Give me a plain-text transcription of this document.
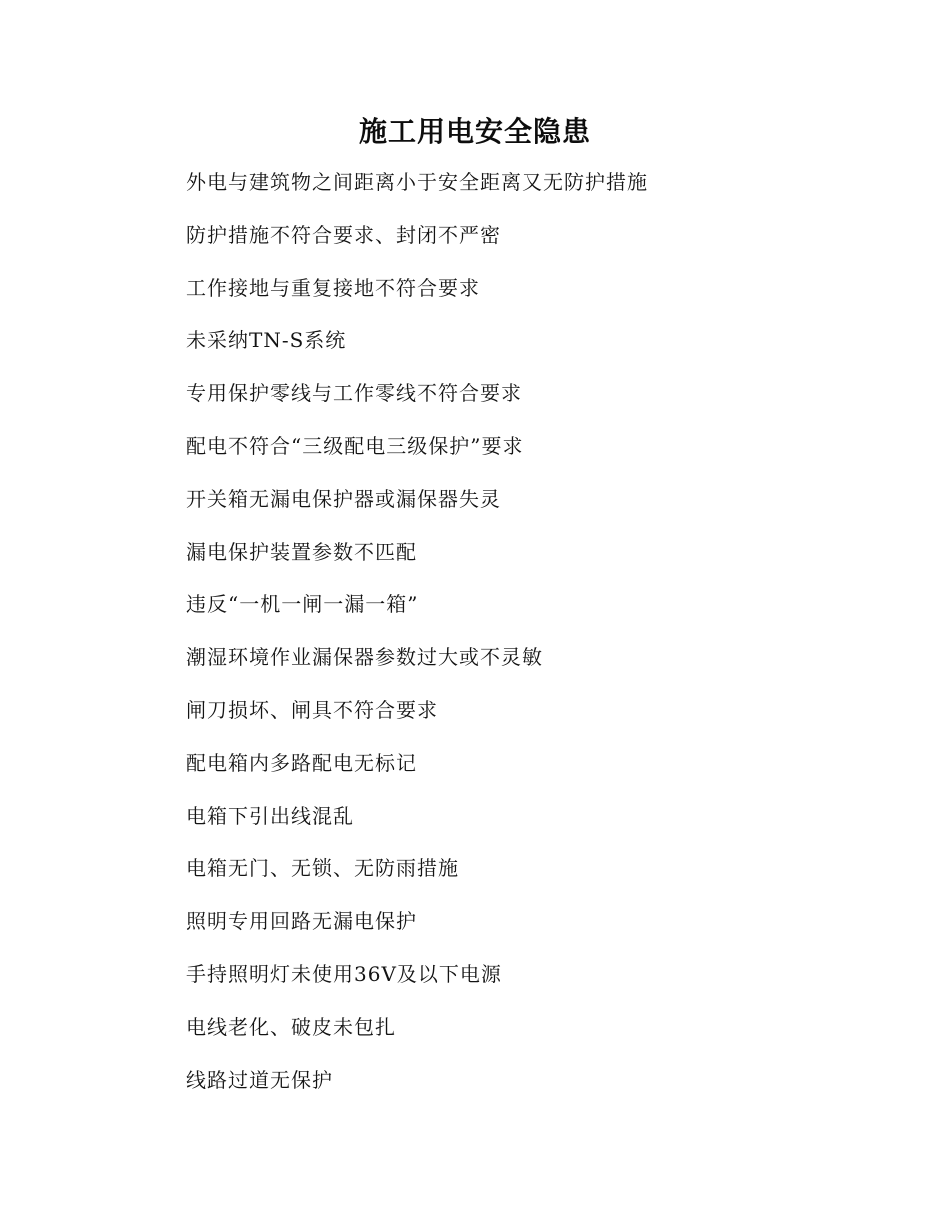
施工用电安全隐患
外电与建筑物之间距离小于安全距离又无防护措施
防护措施不符合要求、封闭不严密
工作接地与重复接地不符合要求
未采纳TN-S系统
专用保护零线与工作零线不符合要求
配电不符合“三级配电三级保护”要求
开关箱无漏电保护器或漏保器失灵
漏电保护装置参数不匹配
违反“一机一闸一漏一箱”
潮湿环境作业漏保器参数过大或不灵敏
闸刀损坏、闸具不符合要求
配电箱内多路配电无标记
电箱下引出线混乱
电箱无门、无锁、无防雨措施
照明专用回路无漏电保护
手持照明灯未使用36V及以下电源
电线老化、破皮未包扎
线路过道无保护
